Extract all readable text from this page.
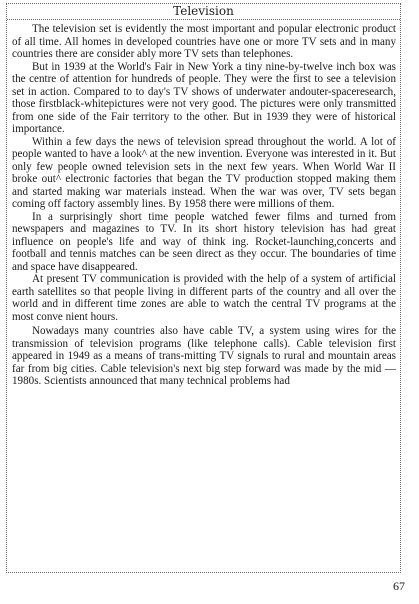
Television

The television set is evidently the most important and popular electronic product of all time. All homes in developed countries have one or more TV sets and in many countries there are consider ably more TV sets than telephones.

But in 1939 at the World's Fair in New York a tiny nine-by-twelve inch box was the centre of attention for hundreds of people. They were the first to see a television set in action. Compared to to day's TV shows of underwater andouter-spaceresearch, those firstblack-whitepictures were not very good. The pictures were only transmitted from one side of the Fair territory to the other. But in 1939 they were of historical importance.

Within a few days the news of television spread throughout the world. A lot of people wanted to have a look^ at the new invention. Everyone was interested in it. But only few people owned television sets in the next few years. When World War II broke out^ electronic factories that began the TV production stopped making them and started making war materials instead. When the war was over, TV sets began coming off factory assembly lines. By 1958 there were millions of them.

In a surprisingly short time people watched fewer films and turned from newspapers and magazines to TV. In its short history television has had great influence on people's life and way of think ing. Rocket-launching,concerts and football and tennis matches can be seen direct as they occur. The boundaries of time and space have disappeared.

At present TV communication is provided with the help of a system of artificial earth satellites so that people living in different parts of the country and all over the world and in different time zones are able to watch the central TV programs at the most conve nient hours.

Nowadays many countries also have cable TV, a system using wires for the transmission of television programs (like telephone calls). Cable television first appeared in 1949 as a means of trans-mitting TV signals to rural and mountain areas far from big cities. Cable television's next big step forward was made by the mid — 1980s. Scientists announced that many technical problems had

67
